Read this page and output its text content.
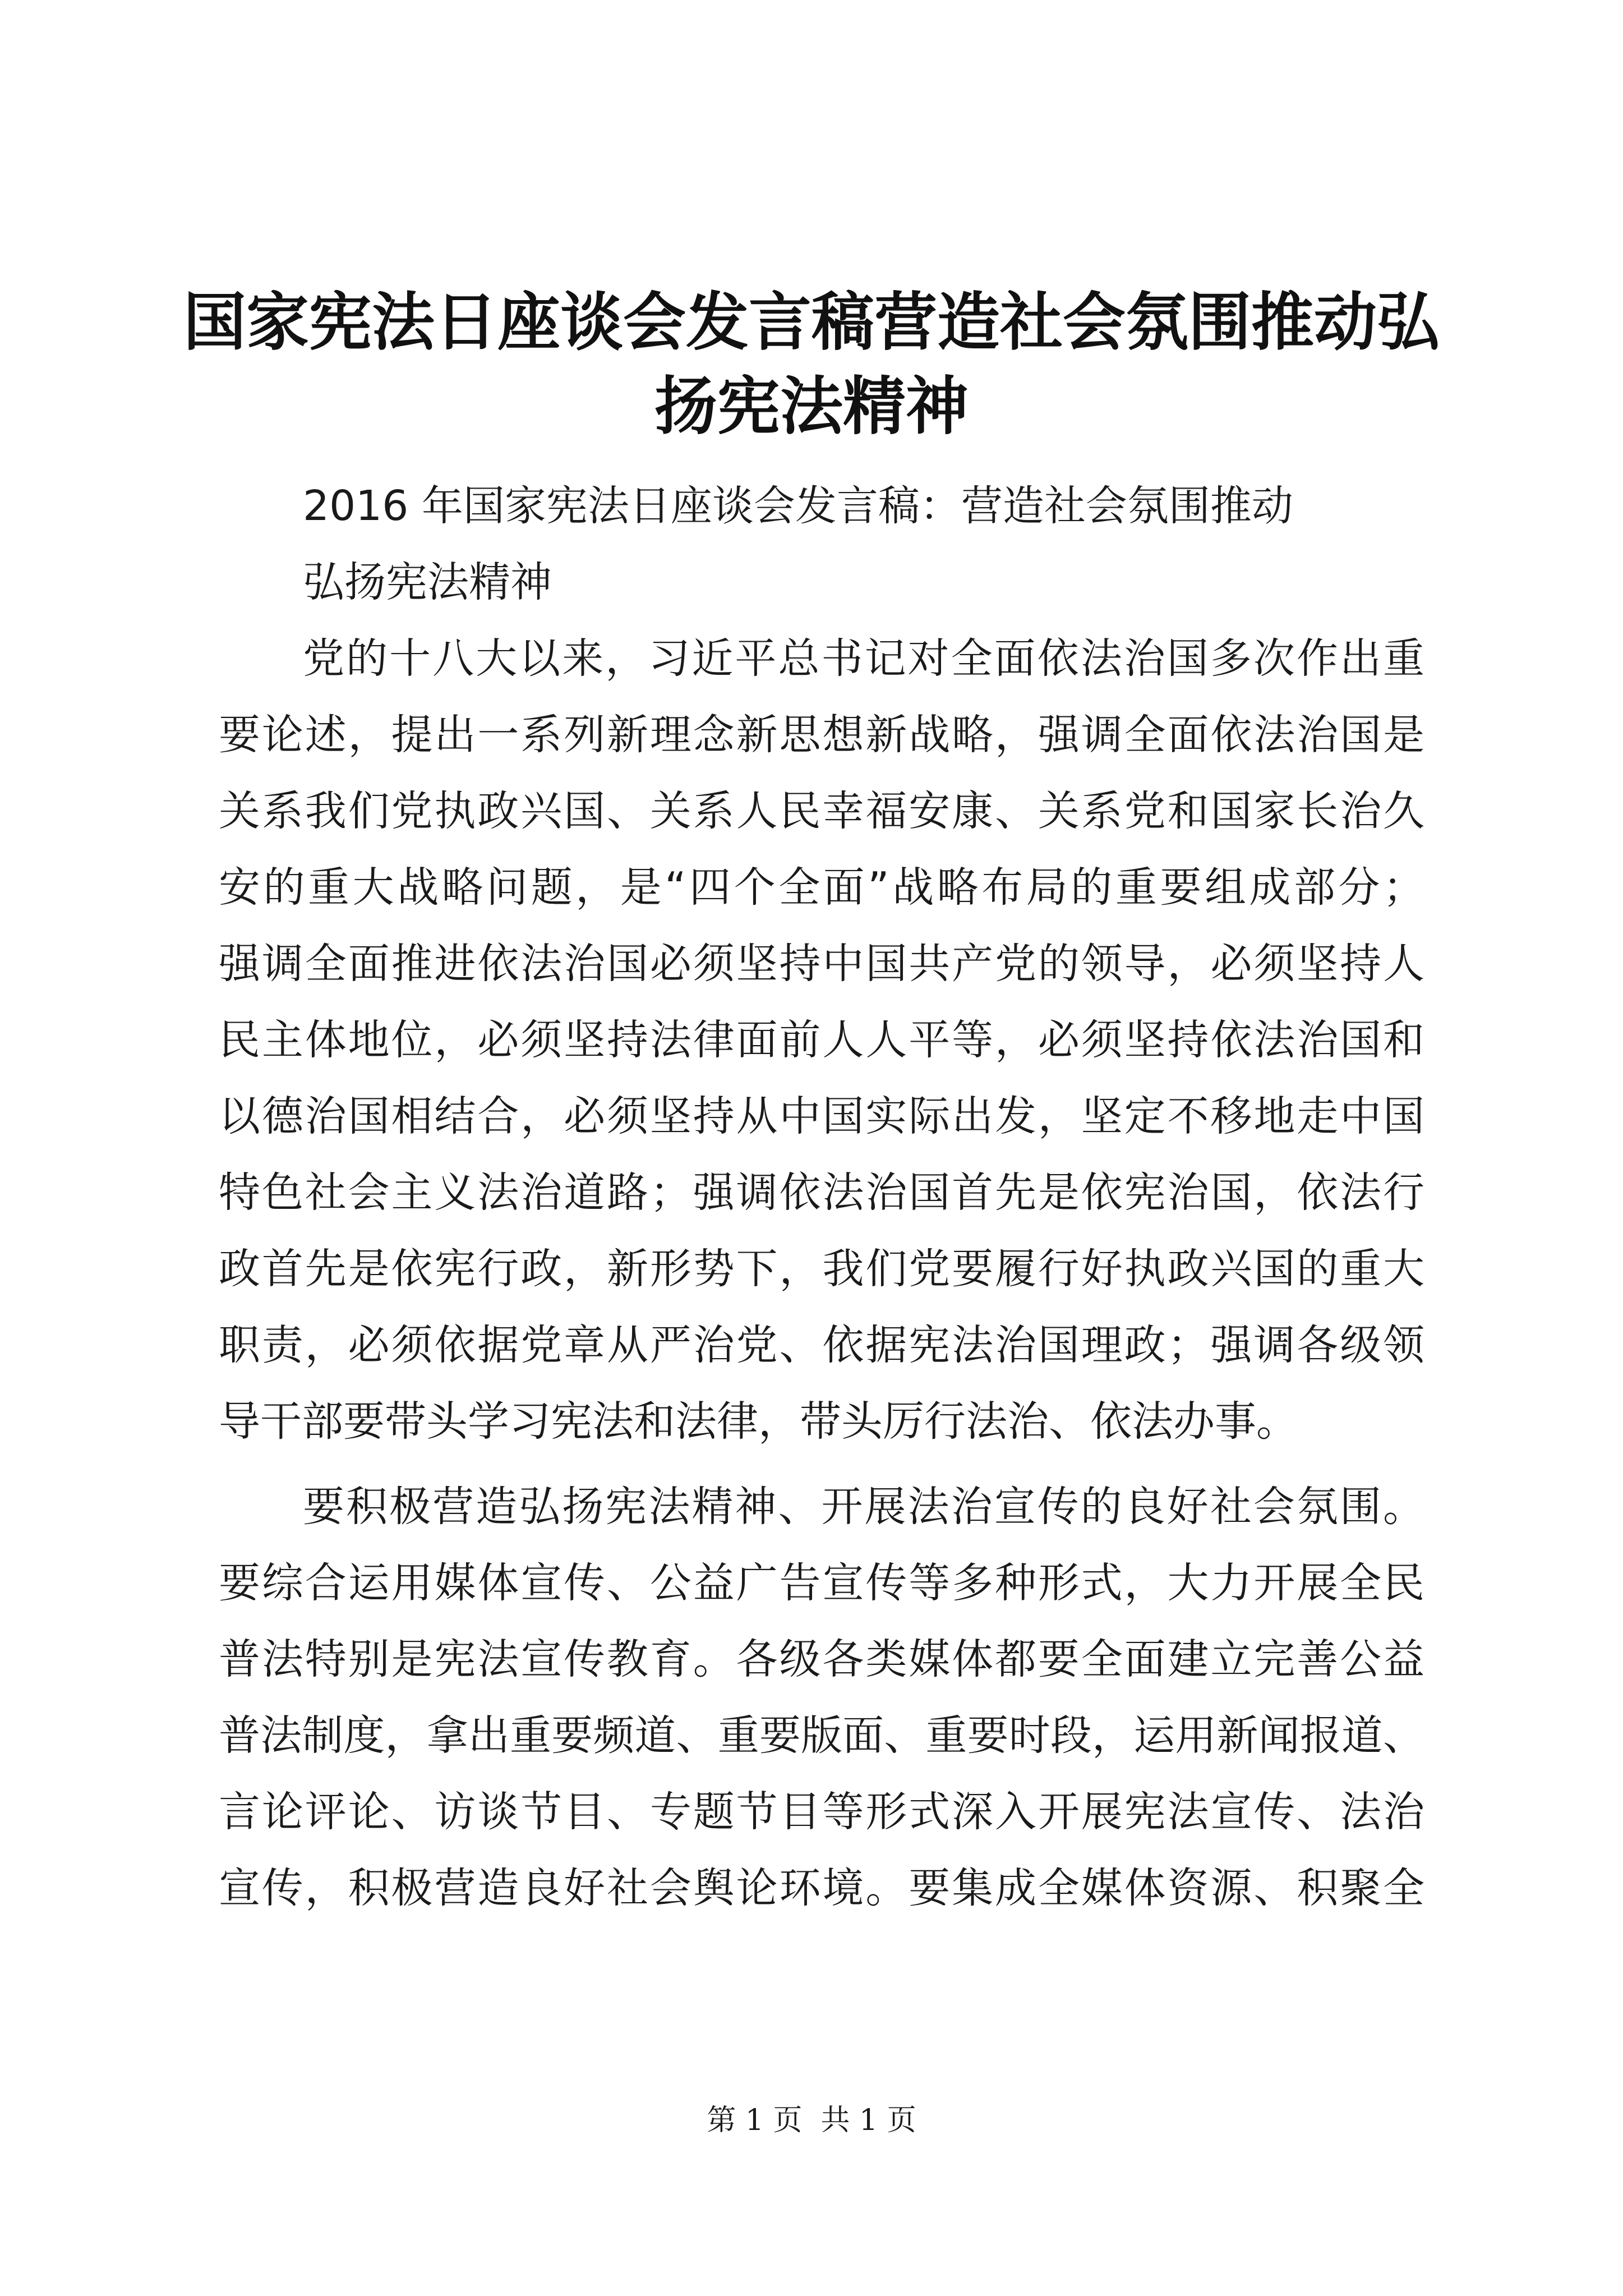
国家宪法日座谈会发言稿营造社会氛围推动弘
扬宪法精神
2016 年国家宪法日座谈会发言稿：营造社会氛围推动
弘扬宪法精神
党的十八大以来，习近平总书记对全面依法治国多次作出重
要论述，提出一系列新理念新思想新战略，强调全面依法治国是
关系我们党执政兴国、关系人民幸福安康、关系党和国家长治久
安的重大战略问题，是“四个全面”战略布局的重要组成部分；
强调全面推进依法治国必须坚持中国共产党的领导，必须坚持人
民主体地位，必须坚持法律面前人人平等，必须坚持依法治国和
以德治国相结合，必须坚持从中国实际出发，坚定不移地走中国
特色社会主义法治道路；强调依法治国首先是依宪治国，依法行
政首先是依宪行政，新形势下，我们党要履行好执政兴国的重大
职责，必须依据党章从严治党、依据宪法治国理政；强调各级领
导干部要带头学习宪法和法律，带头厉行法治、依法办事。
要积极营造弘扬宪法精神、开展法治宣传的良好社会氛围。
要综合运用媒体宣传、公益广告宣传等多种形式，大力开展全民
普法特别是宪法宣传教育。各级各类媒体都要全面建立完善公益
普法制度，拿出重要频道、重要版面、重要时段，运用新闻报道、
言论评论、访谈节目、专题节目等形式深入开展宪法宣传、法治
宣传，积极营造良好社会舆论环境。要集成全媒体资源、积聚全
第 1 页  共 1 页
